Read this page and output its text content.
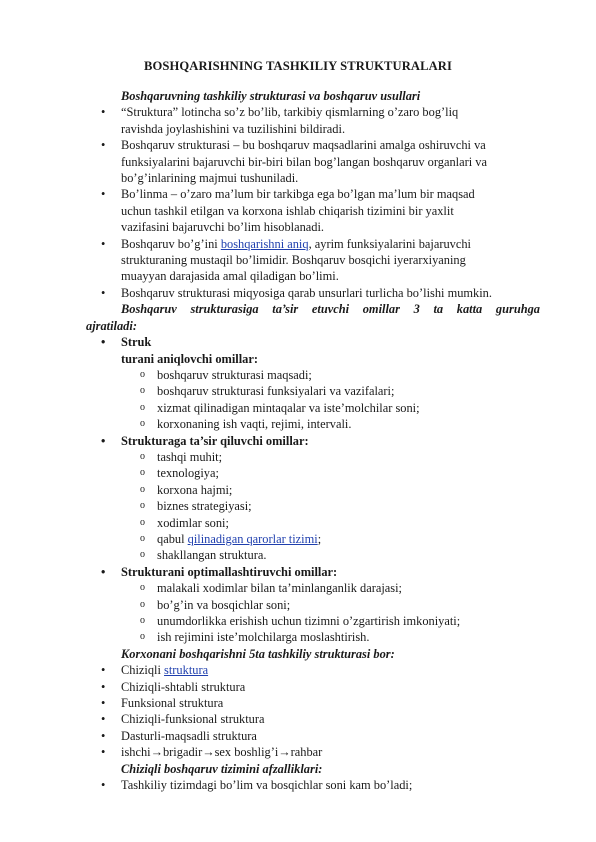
BOSHQARISHNING TASHKILIY STRUKTURALARI
Boshqaruvning tashkiliy strukturasi va boshqaruv usullari
• “Struktura” lotincha so’z bo’lib, tarkibiy qismlarning o’zaro bog’liq
ravishda joylashishini va tuzilishini bildiradi.
• Boshqaruv strukturasi – bu boshqaruv maqsadlarini amalga oshiruvchi va
funksiyalarini bajaruvchi bir-biri bilan bog’langan boshqaruv organlari va
bo’g’inlarining majmui tushuniladi.
• Bo’linma – o’zaro ma’lum bir tarkibga ega bo’lgan ma’lum bir maqsad
uchun tashkil etilgan va korxona ishlab chiqarish tizimini bir yaxlit
vazifasini bajaruvchi bo’lim hisoblanadi.
• Boshqaruv bo’g’ini boshqarishni aniq, ayrim funksiyalarini bajaruvchi
strukturaning mustaqil bo’limidir. Boshqaruv bosqichi iyerarxiyaning
muayyan darajasida amal qiladigan bo’limi.
• Boshqaruv strukturasi miqyosiga qarab unsurlari turlicha bo’lishi mumkin.
Boshqaruv strukturasiga ta’sir etuvchi omillar 3 ta katta guruhga
ajratiladi:
• Struk
turani aniqlovchi omillar:
o boshqaruv strukturasi maqsadi;
o boshqaruv strukturasi funksiyalari va vazifalari;
o xizmat qilinadigan mintaqalar va iste’molchilar soni;
o korxonaning ish vaqti, rejimi, intervali.
• Strukturaga ta’sir qiluvchi omillar:
o tashqi muhit;
o texnologiya;
o korxona hajmi;
o biznes strategiyasi;
o xodimlar soni;
o qabul qilinadigan qarorlar tizimi;
o shakllangan struktura.
• Strukturani optimallashtiruvchi omillar:
o malakali xodimlar bilan ta’minlanganlik darajasi;
o bo’g’in va bosqichlar soni;
o unumdorlikka erishish uchun tizimni o’zgartirish imkoniyati;
o ish rejimini iste’molchilarga moslashtirish.
Korxonani boshqarishni 5ta tashkiliy strukturasi bor:
• Chiziqli struktura
• Chiziqli-shtabli struktura
• Funksional struktura
• Chiziqli-funksional struktura
• Dasturli-maqsadli struktura
• ishchi→brigadir→sex boshlig’i→rahbar
Chiziqli boshqaruv tizimini afzalliklari:
• Tashkiliy tizimdagi bo’lim va bosqichlar soni kam bo’ladi;
